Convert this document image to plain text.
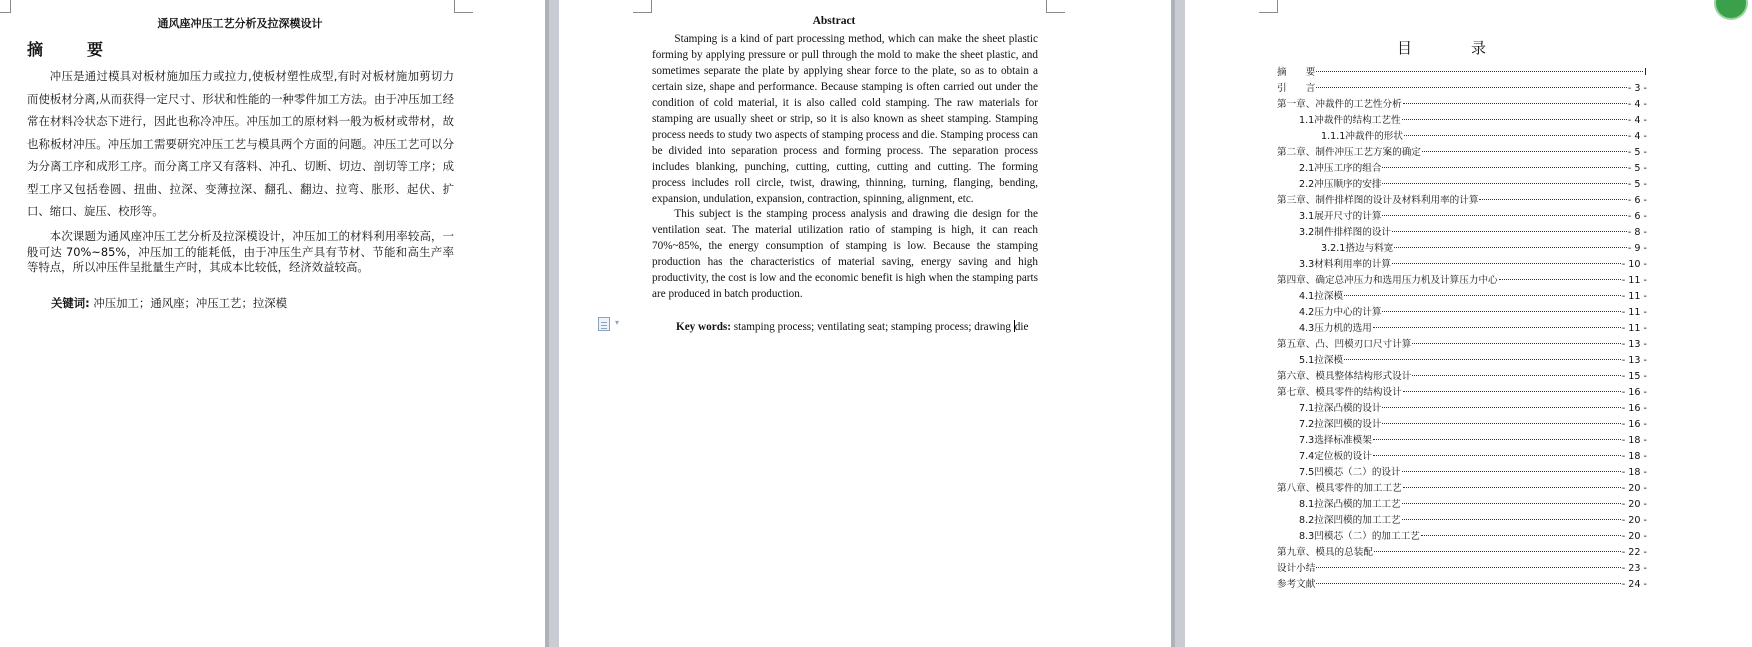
通风座冲压工艺分析及拉深模设计
摘　要
冲压是通过模具对板材施加压力或拉力,使板材塑性成型,有时对板材施加剪切力而使板材分离,从而获得一定尺寸、形状和性能的一种零件加工方法。由于冲压加工经常在材料冷状态下进行，因此也称冷冲压。冲压加工的原材料一般为板材或带材，故也称板材冲压。冲压加工需要研究冲压工艺与模具两个方面的问题。冲压工艺可以分为分离工序和成形工序。而分离工序又有落料、冲孔、切断、切边、剖切等工序；成型工序又包括卷圆、扭曲、拉深、变薄拉深、翻孔、翻边、拉弯、胀形、起伏、扩口、缩口、旋压、校形等。
本次课题为通风座冲压工艺分析及拉深模设计，冲压加工的材料利用率较高，一般可达 70%~85%，冲压加工的能耗低，由于冲压生产具有节材、节能和高生产率等特点，所以冲压件呈批量生产时，其成本比较低，经济效益较高。
关键词: 冲压加工；通风座；冲压工艺；拉深模
Abstract

Stamping is a kind of part processing method, which can make the sheet plastic forming by applying pressure or pull through the mold to make the sheet plastic, and sometimes separate the plate by applying shear force to the plate, so as to obtain a certain size, shape and performance. Because stamping is often carried out under the condition of cold material, it is also called cold stamping. The raw materials for stamping are usually sheet or strip, so it is also known as sheet stamping. Stamping process needs to study two aspects of stamping process and die. Stamping process can be divided into separation process and forming process. The separation process includes blanking, punching, cutting, cutting, cutting and cutting. The forming process includes roll circle, twist, drawing, thinning, turning, flanging, bending, expansion, undulation, expansion, contraction, spinning, alignment, etc.

This subject is the stamping process analysis and drawing die design for the ventilation seat. The material utilization ratio of stamping is high, it can reach 70%~85%, the energy consumption of stamping is low. Because the stamping production has the characteristics of material saving, energy saving and high productivity, the cost is low and the economic benefit is high when the stamping parts are produced in batch production.

▾	Key words: stamping process; ventilating seat; stamping process; drawing die
目　录
摘　　要	I
引　　言	- 3 -
第一章、冲裁件的工艺性分析	- 4 -
1.1冲裁件的结构工艺性	- 4 -
1.1.1冲裁件的形状	- 4 -
第二章、制件冲压工艺方案的确定	- 5 -
2.1冲压工序的组合	- 5 -
2.2冲压顺序的安排	- 5 -
第三章、制件排样图的设计及材料利用率的计算	- 6 -
3.1展开尺寸的计算	- 6 -
3.2制件排样图的设计	- 8 -
3.2.1搭边与料宽	- 9 -
3.3材料利用率的计算	- 10 -
第四章、确定总冲压力和选用压力机及计算压力中心	- 11 -
4.1拉深模	- 11 -
4.2压力中心的计算	- 11 -
4.3压力机的选用	- 11 -
第五章、凸、凹模刃口尺寸计算	- 13 -
5.1拉深模	- 13 -
第六章、模具整体结构形式设计	- 15 -
第七章、模具零件的结构设计	- 16 -
7.1拉深凸模的设计	- 16 -
7.2拉深凹模的设计	- 16 -
7.3选择标准模架	- 18 -
7.4定位板的设计	- 18 -
7.5凹模芯（二）的设计	- 18 -
第八章、模具零件的加工工艺	- 20 -
8.1拉深凸模的加工工艺	- 20 -
8.2拉深凹模的加工工艺	- 20 -
8.3凹模芯（二）的加工工艺	- 20 -
第九章、模具的总装配	- 22 -
设计小结	- 23 -
参考文献	- 24 -
